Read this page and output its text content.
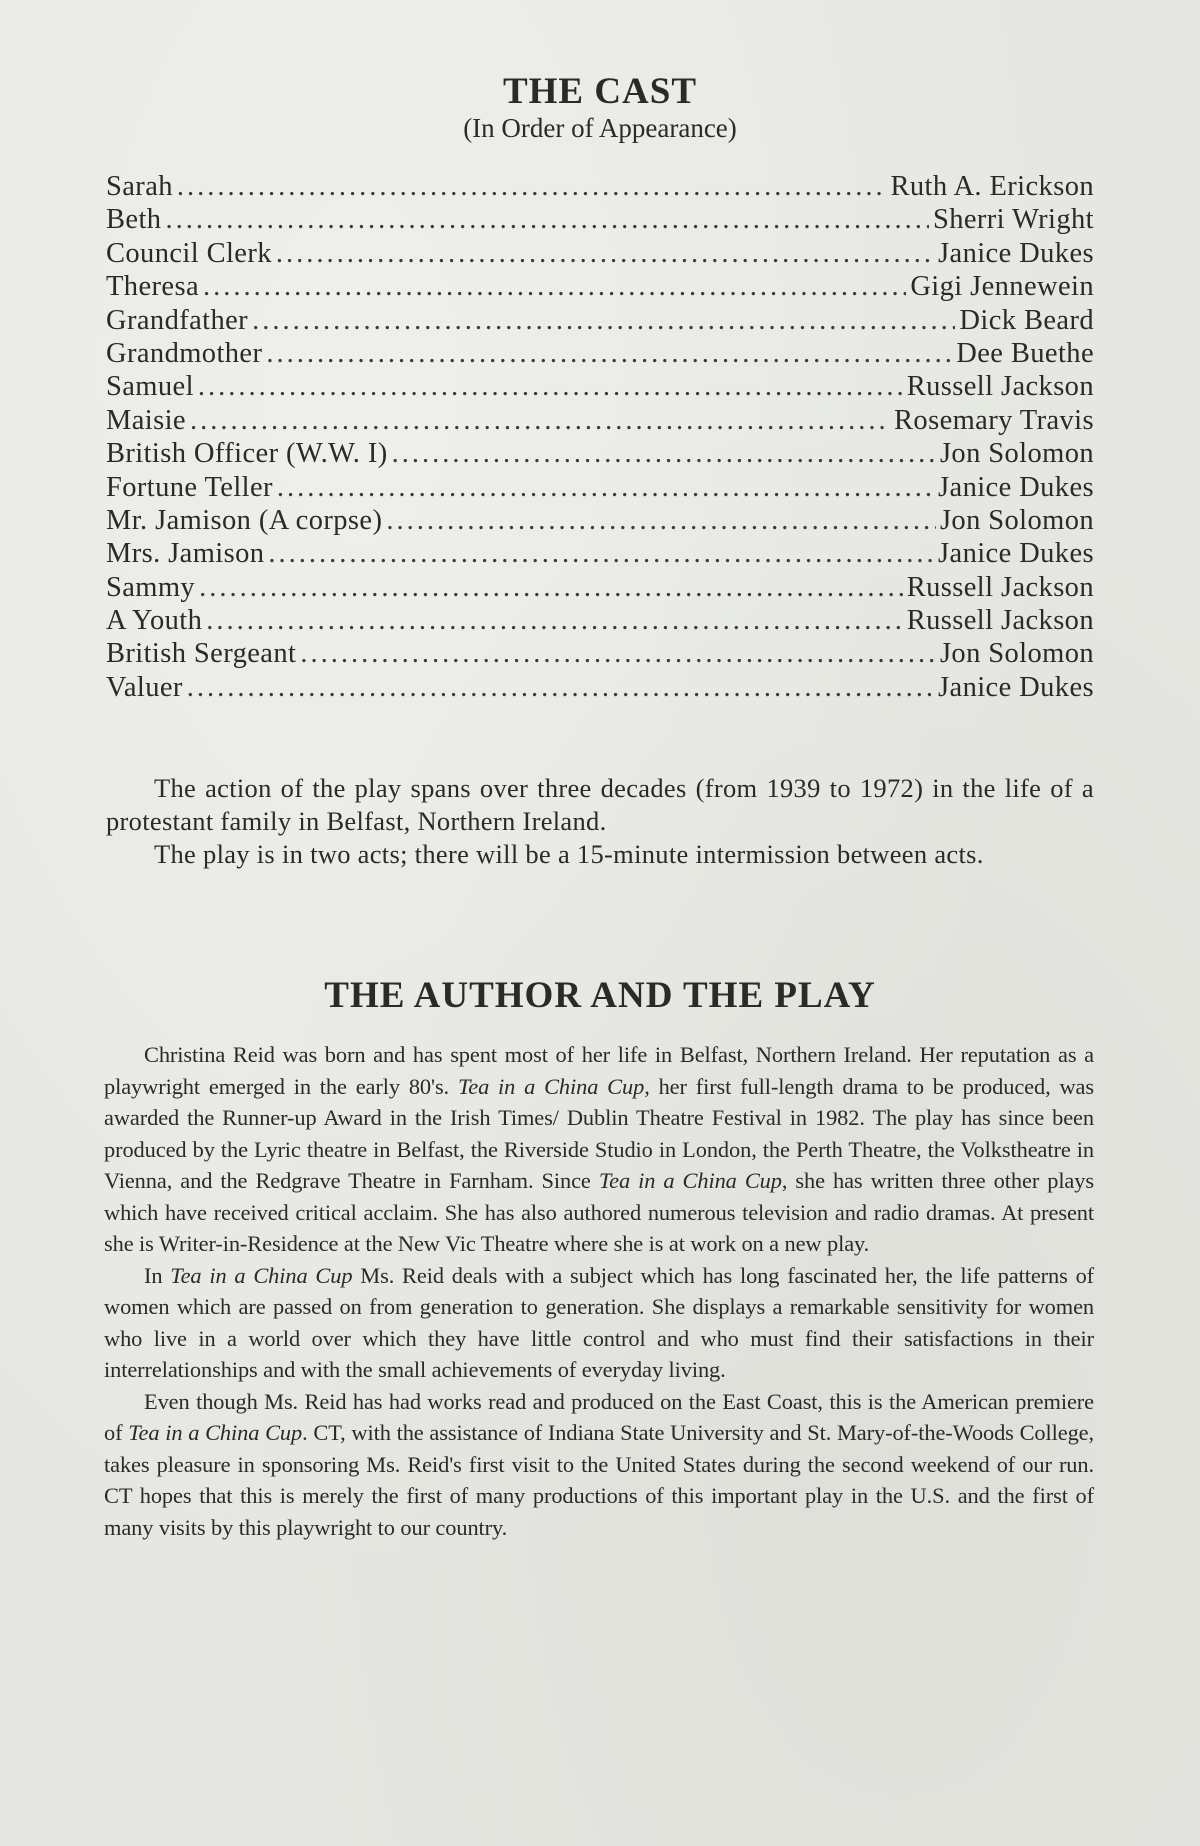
THE CAST
(In Order of Appearance)
Sarah .....	Ruth A. Erickson
Beth .....	Sherri Wright
Council Clerk .....	Janice Dukes
Theresa .....	Gigi Jennewein
Grandfather .....	Dick Beard
Grandmother .....	Dee Buethe
Samuel .....	Russell Jackson
Maisie .....	Rosemary Travis
British Officer (W.W. I) .....	Jon Solomon
Fortune Teller .....	Janice Dukes
Mr. Jamison (A corpse) .....	Jon Solomon
Mrs. Jamison .....	Janice Dukes
Sammy .....	Russell Jackson
A Youth .....	Russell Jackson
British Sergeant .....	Jon Solomon
Valuer .....	Janice Dukes

The action of the play spans over three decades (from 1939 to 1972) in the life of a protestant family in Belfast, Northern Ireland.

The play is in two acts; there will be a 15-minute intermission between acts.

THE AUTHOR AND THE PLAY

Christina Reid was born and has spent most of her life in Belfast, Northern Ireland. Her reputation as a playwright emerged in the early 80's. Tea in a China Cup, her first full-length drama to be produced, was awarded the Runner-up Award in the Irish Times/ Dublin Theatre Festival in 1982. The play has since been produced by the Lyric theatre in Belfast, the Riverside Studio in London, the Perth Theatre, the Volkstheatre in Vienna, and the Redgrave Theatre in Farnham. Since Tea in a China Cup, she has written three other plays which have received critical acclaim. She has also authored numerous television and radio dramas. At present she is Writer-in-Residence at the New Vic Theatre where she is at work on a new play.

In Tea in a China Cup Ms. Reid deals with a subject which has long fascinated her, the life patterns of women which are passed on from generation to generation. She displays a remarkable sensitivity for women who live in a world over which they have little control and who must find their satisfactions in their interrelationships and with the small achievements of everyday living.

Even though Ms. Reid has had works read and produced on the East Coast, this is the American premiere of Tea in a China Cup. CT, with the assistance of Indiana State University and St. Mary-of-the-Woods College, takes pleasure in sponsoring Ms. Reid's first visit to the United States during the second weekend of our run. CT hopes that this is merely the first of many productions of this important play in the U.S. and the first of many visits by this playwright to our country.
